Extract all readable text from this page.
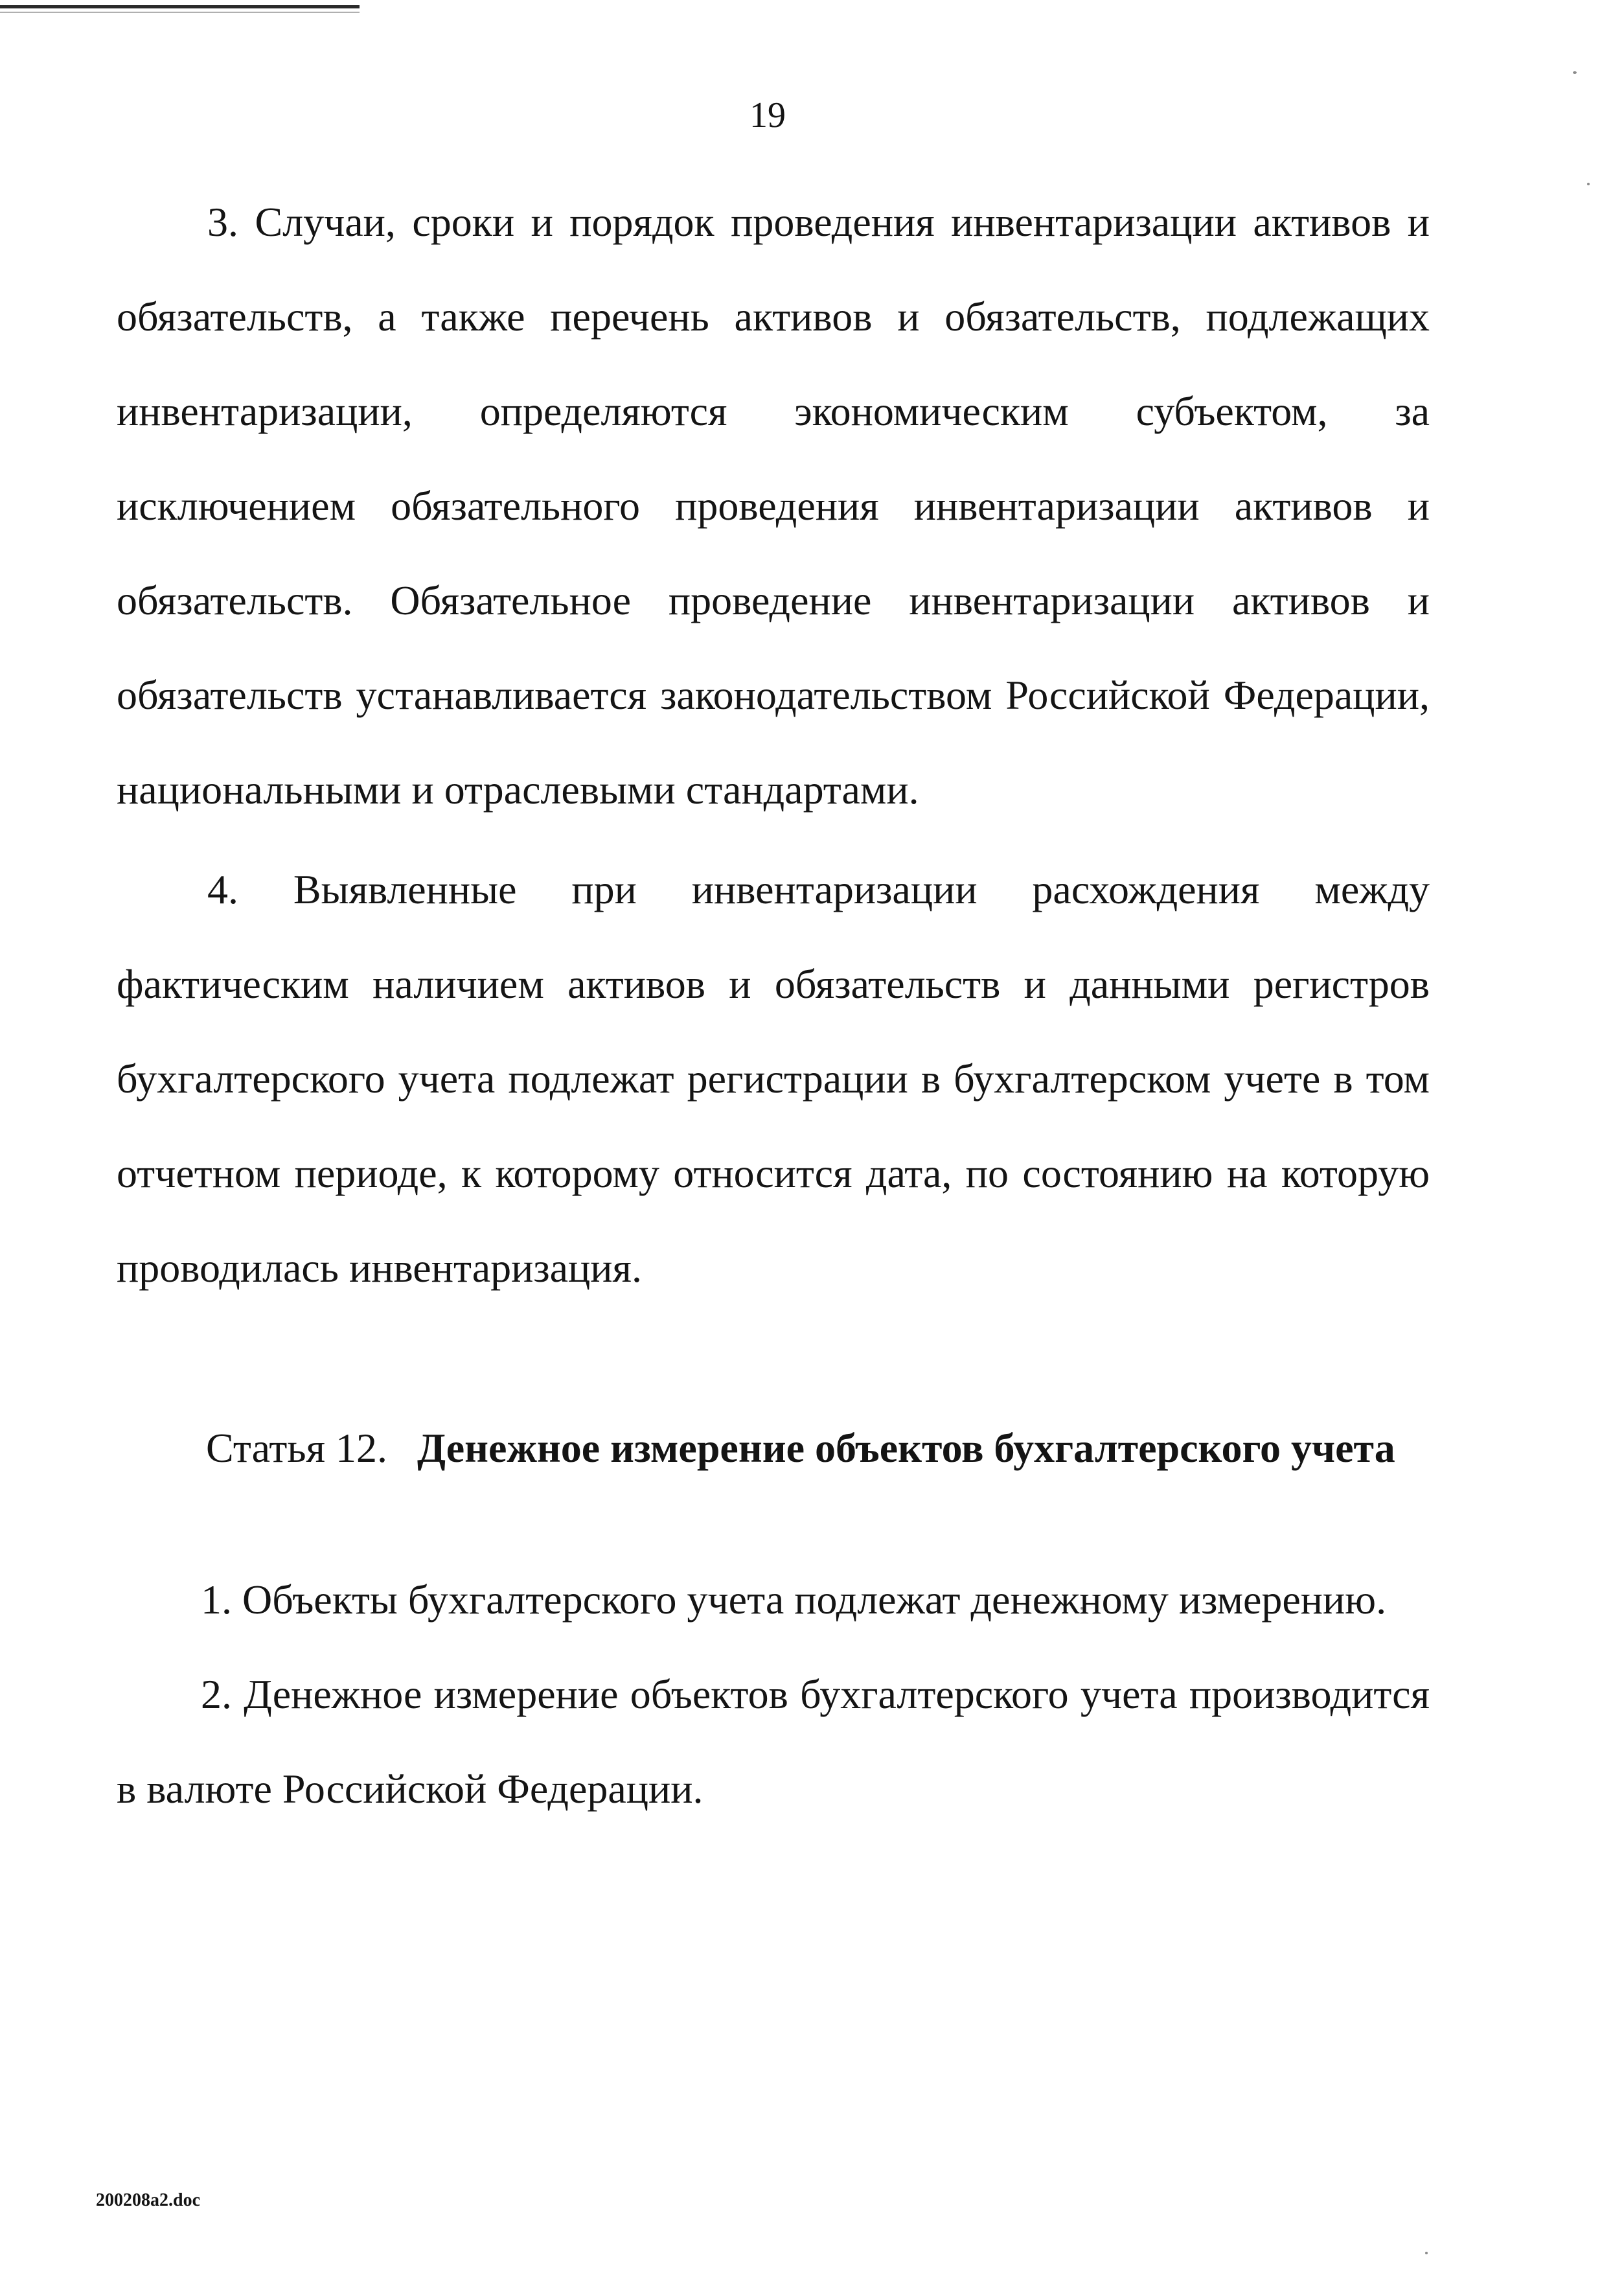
19

3. Случаи, сроки и порядок проведения инвентаризации активов и обязательств, а также перечень активов и обязательств, подлежащих инвентаризации, определяются экономическим субъектом, за исключением обязательного проведения инвентаризации активов и обязательств. Обязательное проведение инвентаризации активов и обязательств устанавливается законодательством Российской Федерации, национальными и отраслевыми стандартами.

4. Выявленные при инвентаризации расхождения между фактическим наличием активов и обязательств и данными регистров бухгалтерского учета подлежат регистрации в бухгалтерском учете в том отчетном периоде, к которому относится дата, по состоянию на которую проводилась инвентаризация.

Статья 12. Денежное измерение объектов бухгалтерского учета

1. Объекты бухгалтерского учета подлежат денежному измерению.

2. Денежное измерение объектов бухгалтерского учета производится в валюте Российской Федерации.

200208a2.doc
